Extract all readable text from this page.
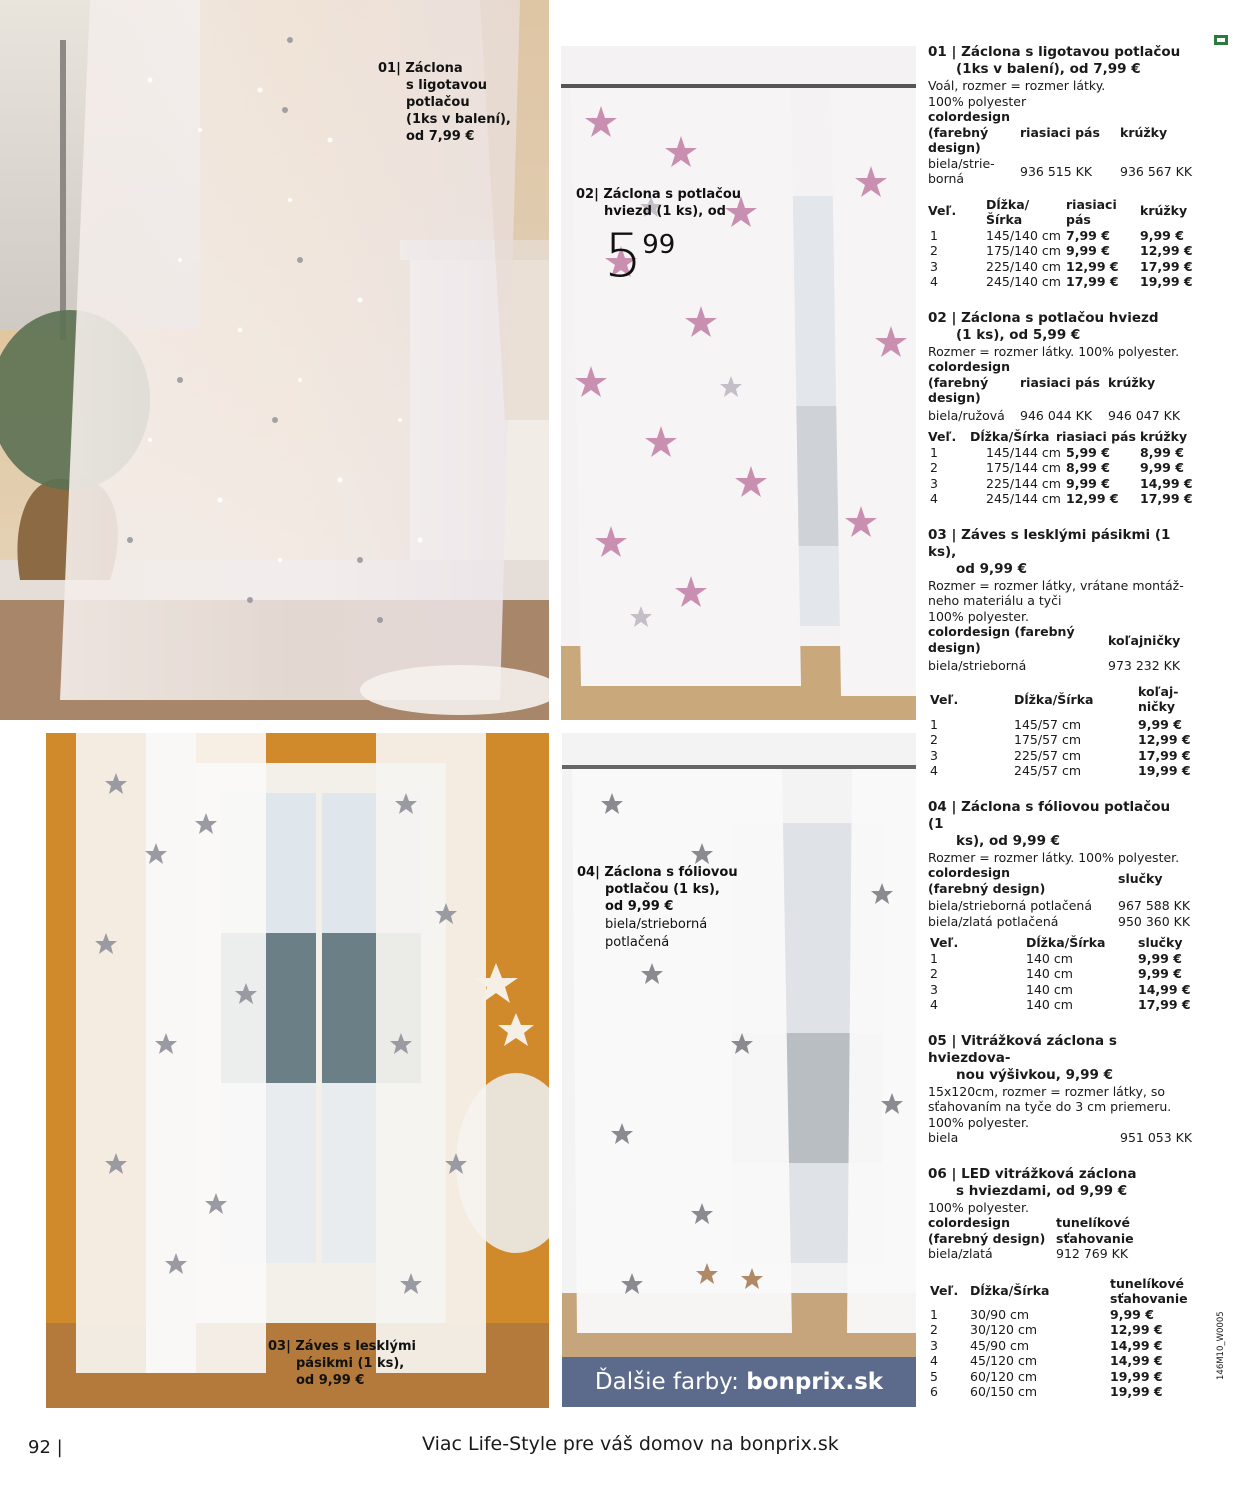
01| Záclona
s ligotavou
potlačou
(1ks v balení),
od 7,99 €
02| Záclona s potlačou
hviezd (1 ks), od
599
03| Záves s lesklými
pásikmi (1 ks),
od 9,99 €
04| Záclona s fóliovou
potlačou (1 ks),
od 9,99 €
biela/strieborná
potlačená
Ďalšie farby: bonprix.sk
01 | Záclona s ligotavou potlačou
(1ks v balení), od 7,99 €
Voál, rozmer = rozmer látky.
100% polyester
colordesign
(farebný	riasiaci pás krúžky
design)
biela/strie-
borná	936 515 KK 936 567 KK
Veľ. Dĺžka/	riasiaci krúžky
Šírka	pás
1	145/140 cm 7,99 € 9,99 €
2	175/140 cm 9,99 € 12,99 €
3	225/140 cm 12,99 € 17,99 €
4	245/140 cm 17,99 € 19,99 €
02 | Záclona s potlačou hviezd
(1 ks), od 5,99 €
Rozmer = rozmer látky. 100% polyester.
colordesign
(farebný	riasiaci pás krúžky
design)
biela/ružová 946 044 KK 946 047 KK
Veľ. Dĺžka/Šírka riasiaci pás krúžky
1	145/144 cm 5,99 € 8,99 €
2	175/144 cm 8,99 € 9,99 €
3	225/144 cm 9,99 € 14,99 €
4	245/144 cm 12,99 € 17,99 €
03 | Záves s lesklými pásikmi (1 ks),
od 9,99 €
Rozmer = rozmer látky, vrátane montáž-
neho materiálu a tyči
100% polyester.
colordesign (farebný
design)	koľajničky
biela/strieborná	973 232 KK
Veľ.	Dĺžka/Šírka
koľaj-
ničky
1	145/57 cm	9,99 €
2	175/57 cm	12,99 €
3	225/57 cm	17,99 €
4	245/57 cm	19,99 €
04 | Záclona s fóliovou potlačou (1
ks), od 9,99 €
Rozmer = rozmer látky. 100% polyester.
colordesign	slučky
(farebný design)
biela/strieborná potlačená 967 588 KK
biela/zlatá potlačená	950 360 KK
Veľ.	Dĺžka/Šírka	slučky
1	140 cm	9,99 €
2	140 cm	9,99 €
3	140 cm	14,99 €
4	140 cm	17,99 €
05 | Vitrážková záclona s hviezdova-
nou výšivkou, 9,99 €
15x120cm, rozmer = rozmer látky, so
sťahovaním na tyče do 3 cm priemeru.
100% polyester.
biela	951 053 KK
06 | LED vitrážková záclona
s hviezdami, od 9,99 €
100% polyester.
colordesign	tunelíkové
(farebný design) sťahovanie
biela/zlatá	912 769 KK
Veľ. Dĺžka/Šírka	tunelíkové
sťahovanie
1	30/90 cm	9,99 €
2	30/120 cm	12,99 €
3	45/90 cm	14,99 €
4	45/120 cm	14,99 €
5	60/120 cm	19,99 €
6	60/150 cm	19,99 €
92 |	Viac Life-Style pre váš domov na bonprix.sk
146M10_W0005
